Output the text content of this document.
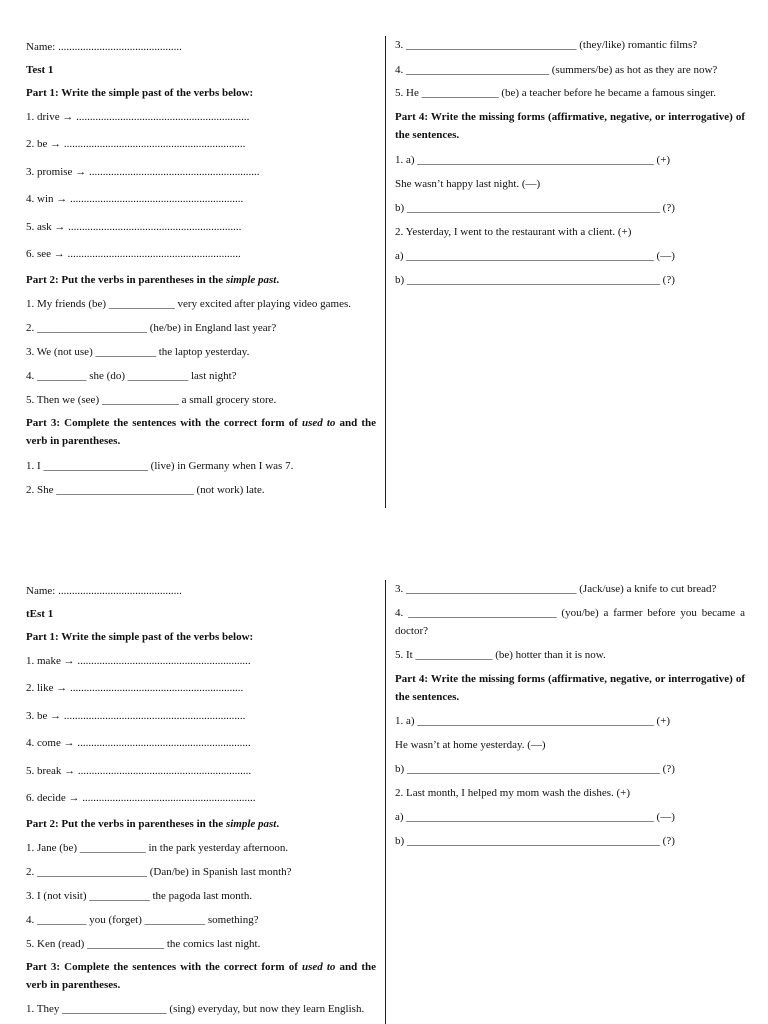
Name: .............................................
Test 1
Part 1: Write the simple past of the verbs below:
1. drive → ...............................................................
2. be → ..................................................................
3. promise → ..............................................................
4. win → ...............................................................
5. ask → ...............................................................
6. see → ...............................................................
Part 2: Put the verbs in parentheses in the simple past.
1. My friends (be) ____________ very excited after playing video games.
2. ____________________ (he/be) in England last year?
3. We (not use) ___________ the laptop yesterday.
4. _________ she (do) ___________ last night?
5. Then we (see) ______________ a small grocery store.
Part 3: Complete the sentences with the correct form of used to and the verb in parentheses.
1. I ___________________ (live) in Germany when I was 7.
2. She _________________________ (not work) late.
3. _______________________________ (they/like) romantic films?
4. __________________________ (summers/be) as hot as they are now?
5. He ______________ (be) a teacher before he became a famous singer.
Part 4: Write the missing forms (affirmative, negative, or interrogative) of the sentences.
1. a) ___________________________________________ (+)
She wasn’t happy last night. (—)
b) ______________________________________________ (?)
2. Yesterday, I went to the restaurant with a client. (+)
a) _____________________________________________ (—)
b) ______________________________________________ (?)
Name: .............................................
tEst 1
Part 1: Write the simple past of the verbs below:
1. make → ...............................................................
2. like → ...............................................................
3. be → ..................................................................
4. come → ...............................................................
5. break → ...............................................................
6. decide → ...............................................................
Part 2: Put the verbs in parentheses in the simple past.
1. Jane (be) ____________ in the park yesterday afternoon.
2. ____________________ (Dan/be) in Spanish last month?
3. I (not visit) ___________ the pagoda last month.
4. _________ you (forget) ___________ something?
5. Ken (read) ______________ the comics last night.
Part 3: Complete the sentences with the correct form of used to and the verb in parentheses.
1. They ___________________ (sing) everyday, but now they learn English.
3. _______________________________ (Jack/use) a knife to cut bread?
4. ___________________________ (you/be) a farmer before you became a doctor?
5. It ______________ (be) hotter than it is now.
Part 4: Write the missing forms (affirmative, negative, or interrogative) of the sentences.
1. a) ___________________________________________ (+)
He wasn’t at home yesterday. (—)
b) ______________________________________________ (?)
2. Last month, I helped my mom wash the dishes. (+)
a) _____________________________________________ (—)
b) ______________________________________________ (?)
